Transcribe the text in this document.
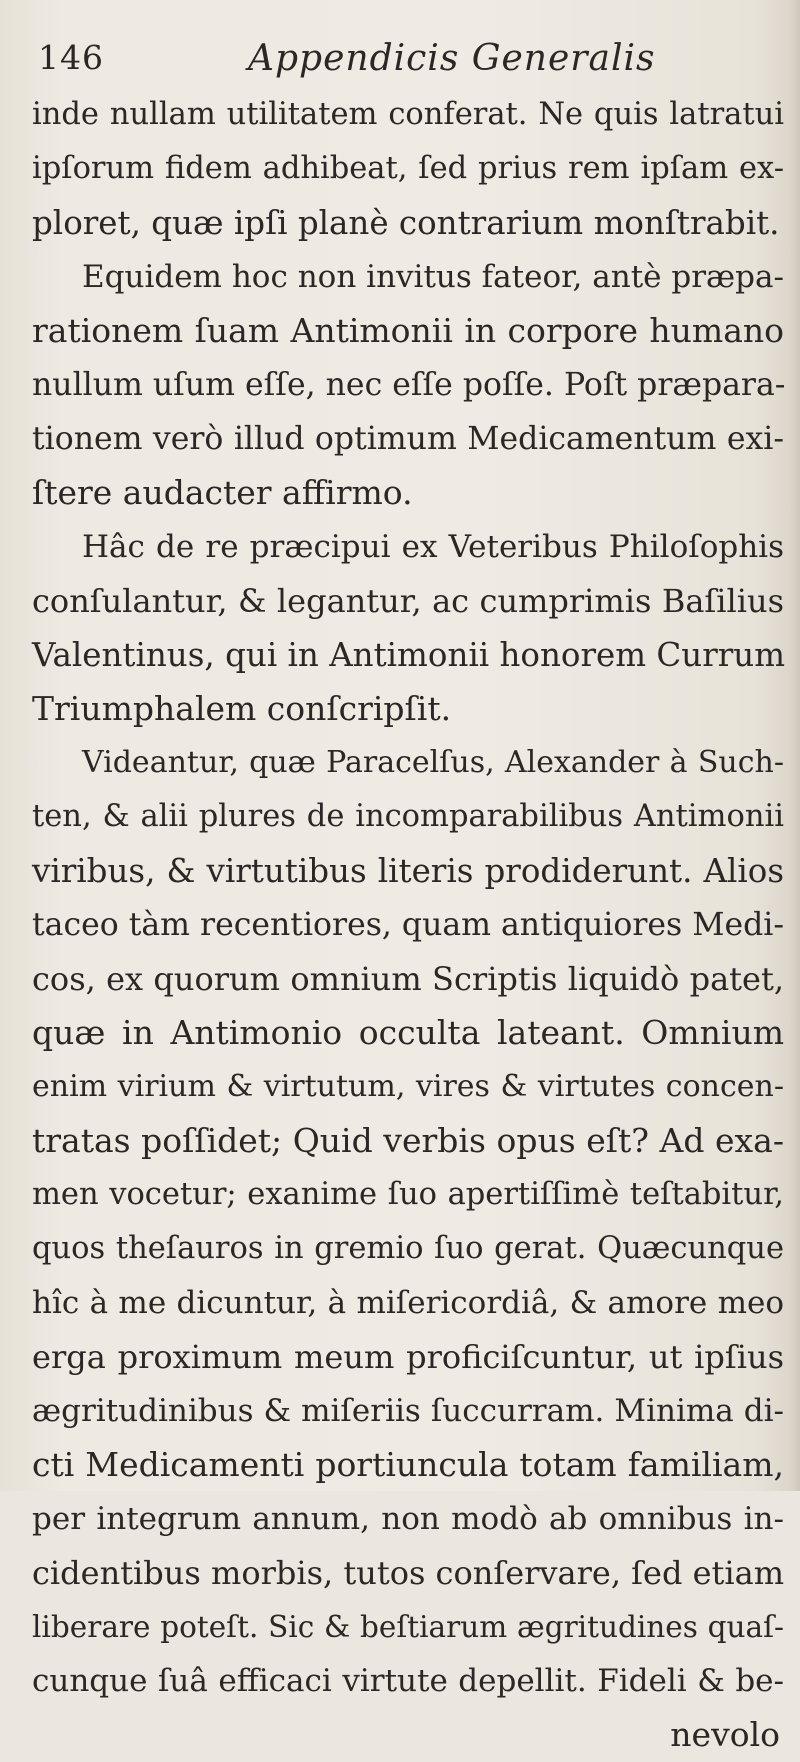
146	Appendicis Generalis
inde nullam utilitatem conferat. Ne quis latratui
ipſorum fidem adhibeat, ſed prius rem ipſam ex-
ploret, quæ ipſi planè contrarium monſtrabit.
Equidem hoc non invitus fateor, antè præpa-
rationem ſuam Antimonii in corpore humano
nullum uſum eſſe, nec eſſe poſſe. Poſt præpara-
tionem verò illud optimum Medicamentum exi-
ſtere audacter affirmo.
Hâc de re præcipui ex Veteribus Philoſophis
conſulantur, & legantur, ac cumprimis Baſilius
Valentinus, qui in Antimonii honorem Currum
Triumphalem conſcripſit.
Videantur, quæ Paracelſus, Alexander à Such-
ten, & alii plures de incomparabilibus Antimonii
viribus, & virtutibus literis prodiderunt. Alios
taceo tàm recentiores, quam antiquiores Medi-
cos, ex quorum omnium Scriptis liquidò patet,
quæ in Antimonio occulta lateant. Omnium
enim virium & virtutum, vires & virtutes concen-
tratas poſſidet; Quid verbis opus eſt? Ad exa-
men vocetur; exanime ſuo apertiſſimè teſtabitur,
quos theſauros in gremio ſuo gerat. Quæcunque
hîc à me dicuntur, à miſericordiâ, & amore meo
erga proximum meum proficiſcuntur, ut ipſius
ægritudinibus & miſeriis ſuccurram. Minima di-
cti Medicamenti portiuncula totam familiam,
per integrum annum, non modò ab omnibus in-
cidentibus morbis, tutos conſervare, ſed etiam
liberare poteſt. Sic & beſtiarum ægritudines quaſ-
cunque ſuâ efficaci virtute depellit. Fideli & be-
nevolo
